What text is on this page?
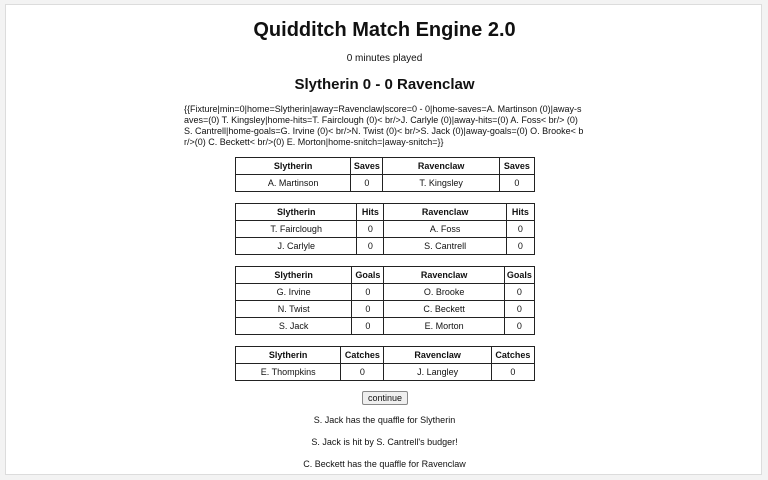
Quidditch Match Engine 2.0
0 minutes played
Slytherin 0 - 0 Ravenclaw
{{Fixture|min=0|home=Slytherin|away=Ravenclaw|score=0 - 0|home-saves=A. Martinson (0)|away-saves=(0) T. Kingsley|home-hits=T. Fairclough (0)< br/>J. Carlyle (0)|away-hits=(0) A. Foss< br/> (0) S. Cantrell|home-goals=G. Irvine (0)< br/>N. Twist (0)< br/>S. Jack (0)|away-goals=(0) O. Brooke< br/>(0) C. Beckett< br/>(0) E. Morton|home-snitch=|away-snitch=}}
Slytherin	Saves	Ravenclaw	Saves
A. Martinson	0	T. Kingsley	0
Slytherin	Hits	Ravenclaw	Hits
T. Fairclough	0	A. Foss	0
J. Carlyle	0	S. Cantrell	0
Slytherin	Goals	Ravenclaw	Goals
G. Irvine	0	O. Brooke	0
N. Twist	0	C. Beckett	0
S. Jack	0	E. Morton	0
Slytherin	Catches	Ravenclaw	Catches
E. Thompkins	0	J. Langley	0
continue
S. Jack has the quaffle for Slytherin
S. Jack is hit by S. Cantrell's budger!
C. Beckett has the quaffle for Ravenclaw
